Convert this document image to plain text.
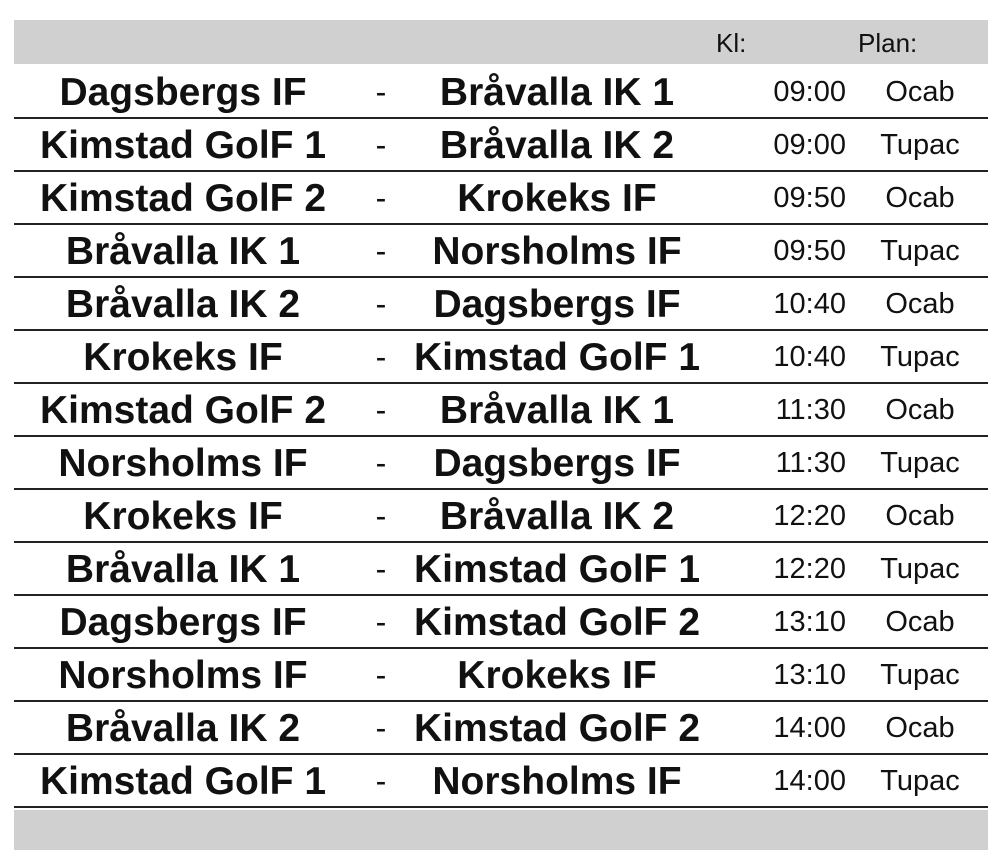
Kl:	Plan:
Dagsbergs IF	-	Bråvalla IK 1	09:00	Ocab
Kimstad GolF 1	-	Bråvalla IK 2	09:00	Tupac
Kimstad GolF 2	-	Krokeks IF	09:50	Ocab
Bråvalla IK 1	-	Norsholms IF	09:50	Tupac
Bråvalla IK 2	-	Dagsbergs IF	10:40	Ocab
Krokeks IF	- Kimstad GolF 1	10:40	Tupac
Kimstad GolF 2	-	Bråvalla IK 1	11:30	Ocab
Norsholms IF	-	Dagsbergs IF	11:30	Tupac
Krokeks IF	-	Bråvalla IK 2	12:20	Ocab
Bråvalla IK 1	- Kimstad GolF 1	12:20	Tupac
Dagsbergs IF	- Kimstad GolF 2	13:10	Ocab
Norsholms IF	-	Krokeks IF	13:10	Tupac
Bråvalla IK 2	- Kimstad GolF 2	14:00	Ocab
Kimstad GolF 1	-	Norsholms IF	14:00	Tupac
